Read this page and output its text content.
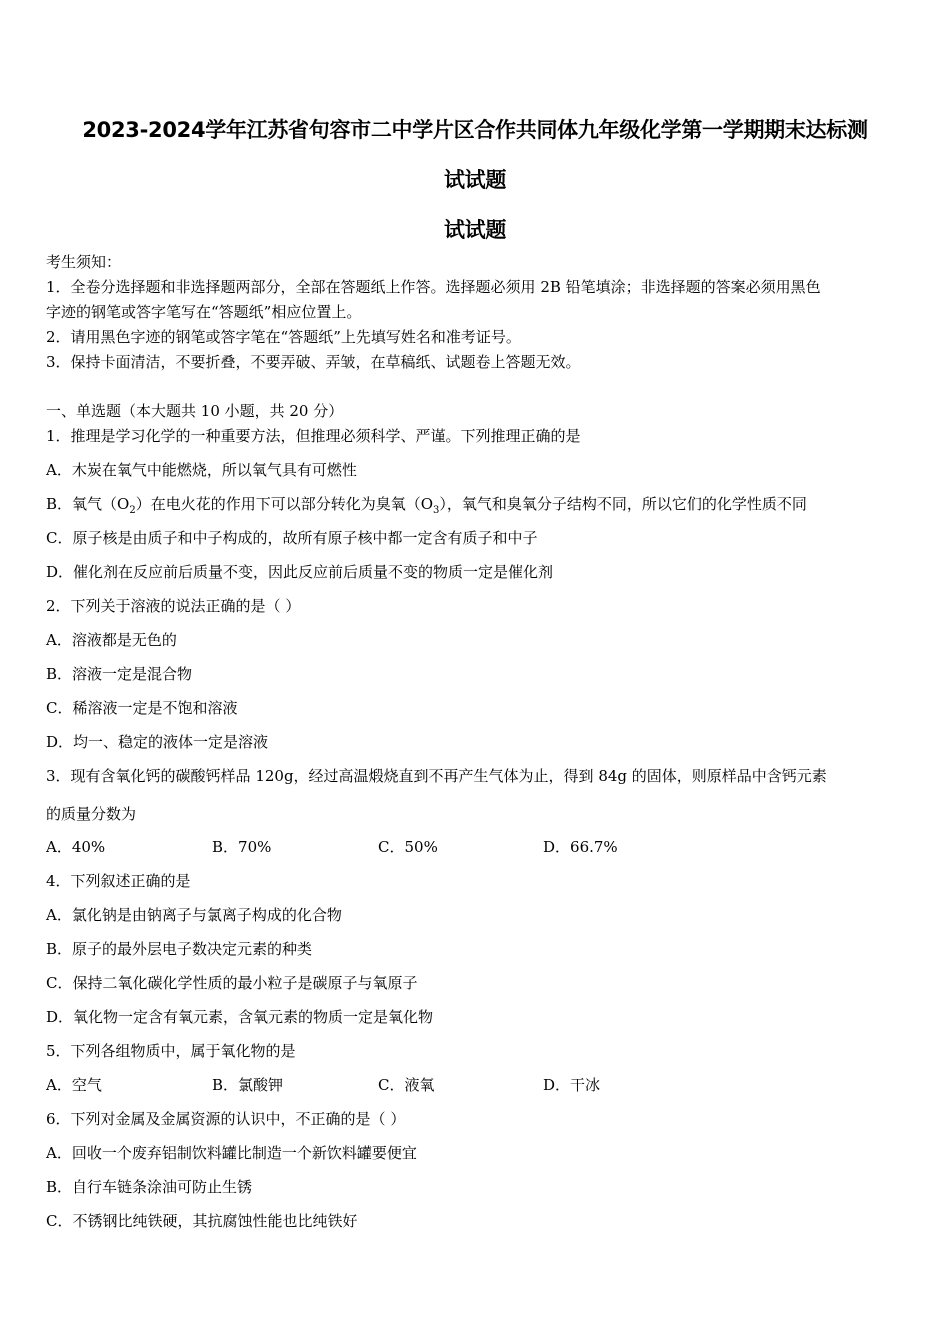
2023-2024学年江苏省句容市二中学片区合作共同体九年级化学第一学期期末达标测
试试题
试试题
考生须知：
1．全卷分选择题和非选择题两部分，全部在答题纸上作答。选择题必须用 2B 铅笔填涂；非选择题的答案必须用黑色
字迹的钢笔或答字笔写在“答题纸”相应位置上。
2．请用黑色字迹的钢笔或答字笔在“答题纸”上先填写姓名和准考证号。
3．保持卡面清洁，不要折叠，不要弄破、弄皱，在草稿纸、试题卷上答题无效。
一、单选题（本大题共 10 小题，共 20 分）
1．推理是学习化学的一种重要方法，但推理必须科学、严谨。下列推理正确的是
A．木炭在氧气中能燃烧，所以氧气具有可燃性
B．氧气$(O_2)$在电火花的作用下可以部分转化为臭氧$(O_3)$，氧气和臭氧分子结构不同，所以它们的化学性质不同
C．原子核是由质子和中子构成的，故所有原子核中都一定含有质子和中子
D．催化剂在反应前后质量不变，因此反应前后质量不变的物质一定是催化剂
2．下列关于溶液的说法正确的是（ ）
A．溶液都是无色的
B．溶液一定是混合物
C．稀溶液一定是不饱和溶液
D．均一、稳定的液体一定是溶液
3．现有含氧化钙的碳酸钙样品 120g，经过高温煅烧直到不再产生气体为止，得到 84g 的固体，则原样品中含钙元素
的质量分数为
A．40%	B．70%	C．50%	D．66.7%
4．下列叙述正确的是
A．氯化钠是由钠离子与氯离子构成的化合物
B．原子的最外层电子数决定元素的种类
C．保持二氧化碳化学性质的最小粒子是碳原子与氧原子
D．氧化物一定含有氧元素，含氧元素的物质一定是氧化物
5．下列各组物质中，属于氧化物的是
A．空气	B．氯酸钾	C．液氧	D．干冰
6．下列对金属及金属资源的认识中，不正确的是（ ）
A．回收一个废弃铝制饮料罐比制造一个新饮料罐要便宜
B．自行车链条涂油可防止生锈
C．不锈钢比纯铁硬，其抗腐蚀性能也比纯铁好
